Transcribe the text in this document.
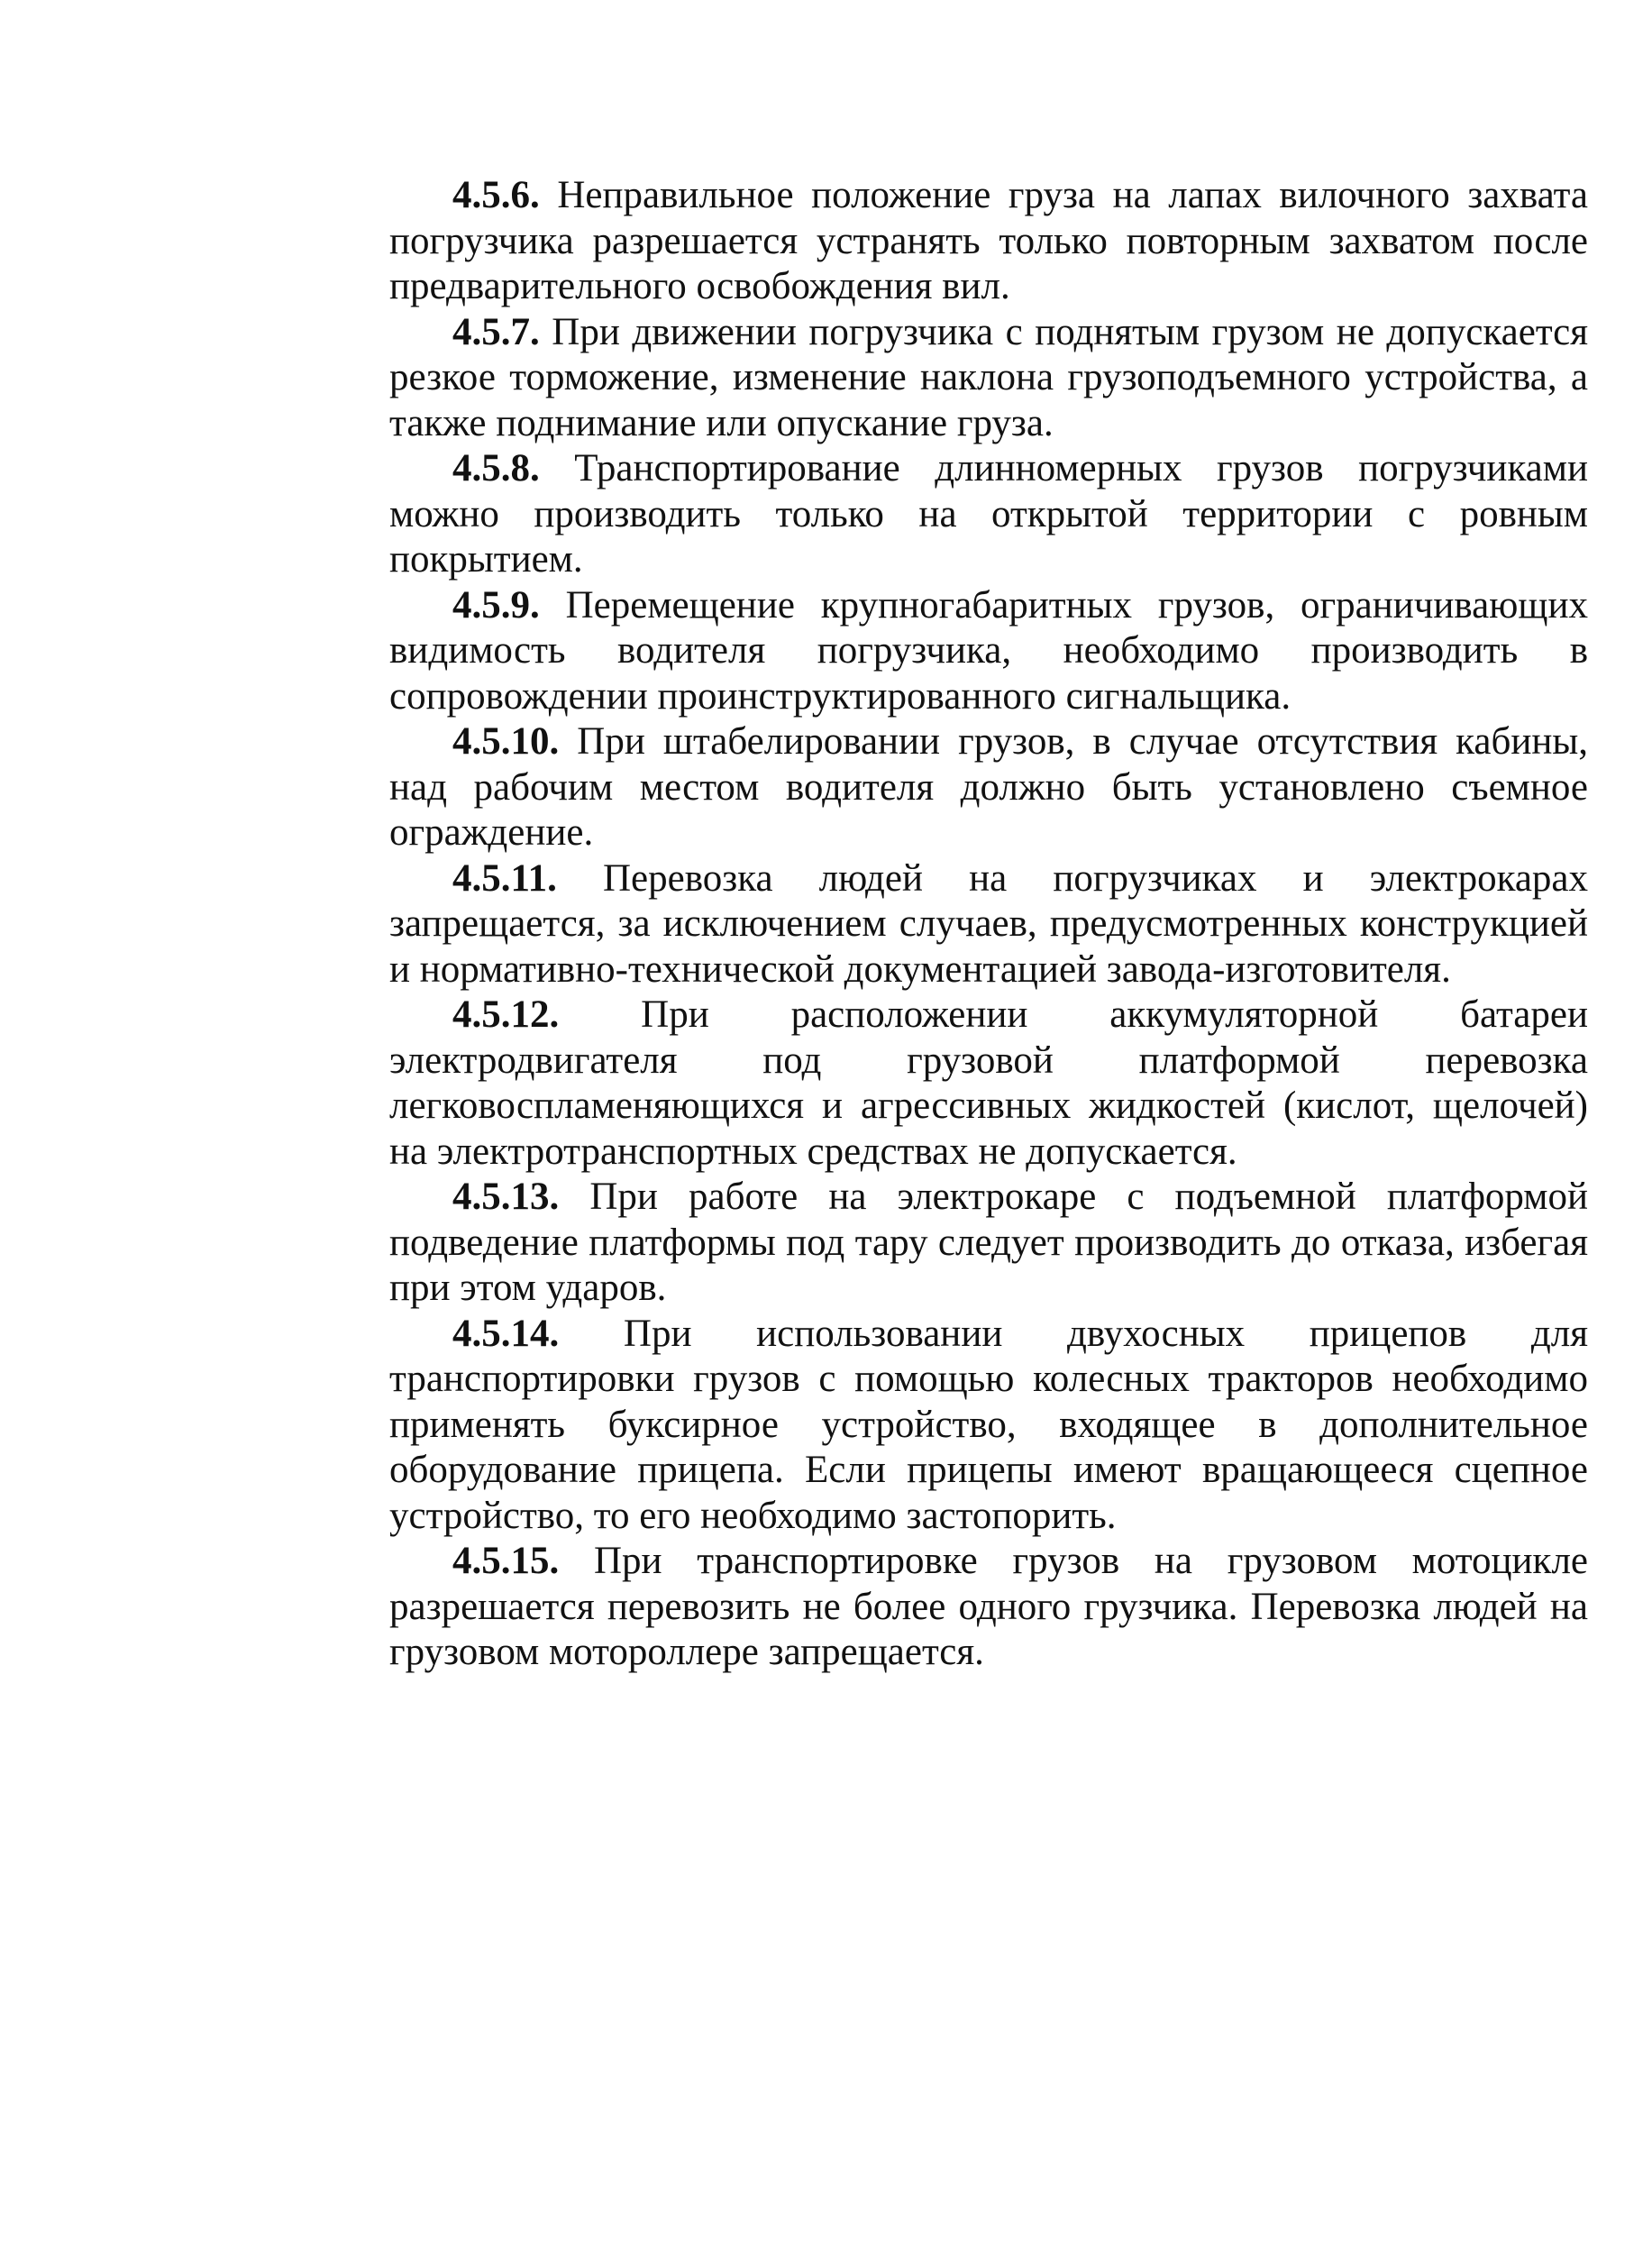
4.5.6. Неправильное положение груза на лапах вилочного захвата погрузчика разрешается устранять только повторным захватом после предварительного освобождения вил.

4.5.7. При движении погрузчика с поднятым грузом не допускается резкое торможение, изменение наклона грузоподъемного устройства, а также поднимание или опускание груза.

4.5.8. Транспортирование длинномерных грузов погрузчиками можно производить только на открытой территории с ровным покрытием.

4.5.9. Перемещение крупногабаритных грузов, ограничивающих видимость водителя погрузчика, необходимо производить в сопровождении проинструктированного сигнальщика.

4.5.10. При штабелировании грузов, в случае отсутствия кабины, над рабочим местом водителя должно быть установлено съемное ограждение.

4.5.11. Перевозка людей на погрузчиках и электрокарах запрещается, за исключением случаев, предусмотренных конструкцией и нормативно-технической документацией завода-изготовителя.

4.5.12. При расположении аккумуляторной батареи электродвигателя под грузовой платформой перевозка легковоспламеняющихся и агрессивных жидкостей (кислот, щелочей) на электротранспортных средствах не допускается.

4.5.13. При работе на электрокаре с подъемной платформой подведение платформы под тару следует производить до отказа, избегая при этом ударов.

4.5.14. При использовании двухосных прицепов для транспортировки грузов с помощью колесных тракторов необходимо применять буксирное устройство, входящее в дополнительное оборудование прицепа. Если прицепы имеют вращающееся сцепное устройство, то его необходимо застопорить.

4.5.15. При транспортировке грузов на грузовом мотоцикле разрешается перевозить не более одного грузчика. Перевозка людей на грузовом мотороллере запрещается.
